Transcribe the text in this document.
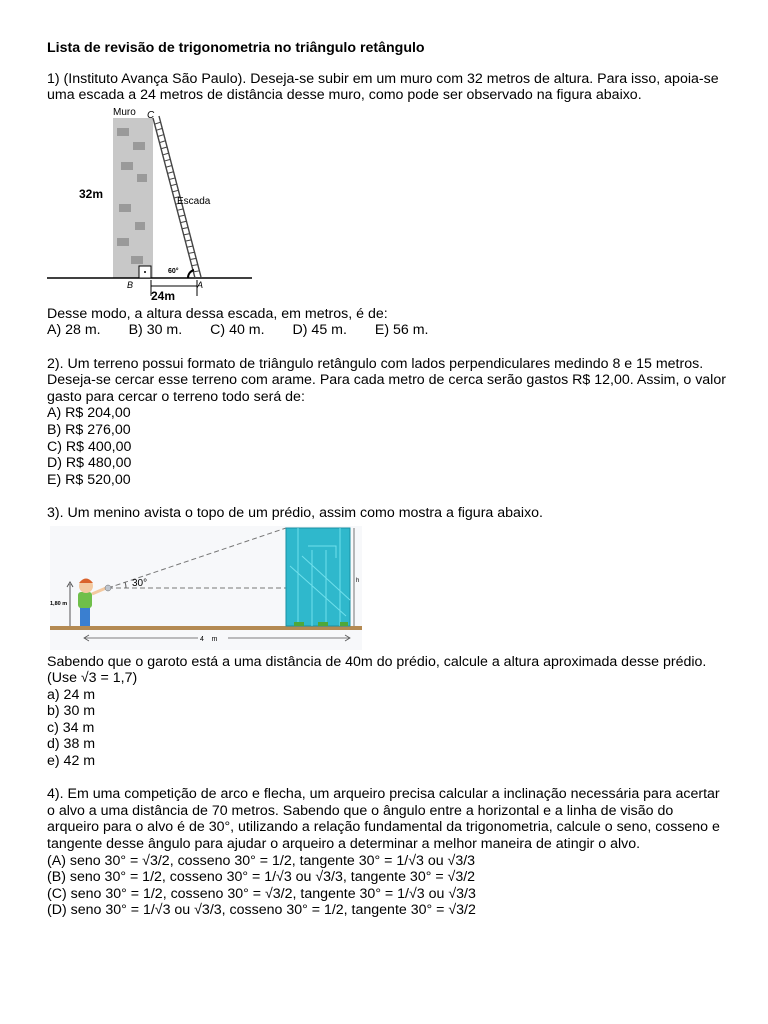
Lista de revisão de trigonometria no triângulo retângulo

1) (Instituto Avança São Paulo). Deseja-se subir em um muro com 32 metros de altura. Para isso, apoia-se uma escada a 24 metros de distância desse muro, como pode ser observado na figura abaixo.

Muro C
32m
Escada
60°
B	A
24m

Desse modo, a altura dessa escada, em metros, é de:

A) 28 m. B) 30 m. C) 40 m. D) 45 m. E) 56 m.

2). Um terreno possui formato de triângulo retângulo com lados perpendiculares medindo 8 e 15 metros. Deseja-se cercar esse terreno com arame. Para cada metro de cerca serão gastos R$ 12,00. Assim, o valor gasto para cercar o terreno todo será de:

A) R$ 204,00
B) R$ 276,00
C) R$ 400,00
D) R$ 480,00
E) R$ 520,00

3). Um menino avista o topo de um prédio, assim como mostra a figura abaixo.

30°
1,80 m
h
4    m

Sabendo que o garoto está a uma distância de 40m do prédio, calcule a altura aproximada desse prédio. (Use √3 = 1,7)

a) 24 m
b) 30 m
c) 34 m
d) 38 m
e) 42 m

4). Em uma competição de arco e flecha, um arqueiro precisa calcular a inclinação necessária para acertar o alvo a uma distância de 70 metros. Sabendo que o ângulo entre a horizontal e a linha de visão do arqueiro para o alvo é de 30°, utilizando a relação fundamental da trigonometria, calcule o seno, cosseno e tangente desse ângulo para ajudar o arqueiro a determinar a melhor maneira de atingir o alvo.

(A) seno 30° = √3/2, cosseno 30° = 1/2, tangente 30° = 1/√3 ou √3/3
(B) seno 30° = 1/2, cosseno 30° = 1/√3 ou √3/3, tangente 30° = √3/2
(C) seno 30° = 1/2, cosseno 30° = √3/2, tangente 30° = 1/√3 ou √3/3
(D) seno 30° = 1/√3 ou √3/3, cosseno 30° = 1/2, tangente 30° = √3/2
